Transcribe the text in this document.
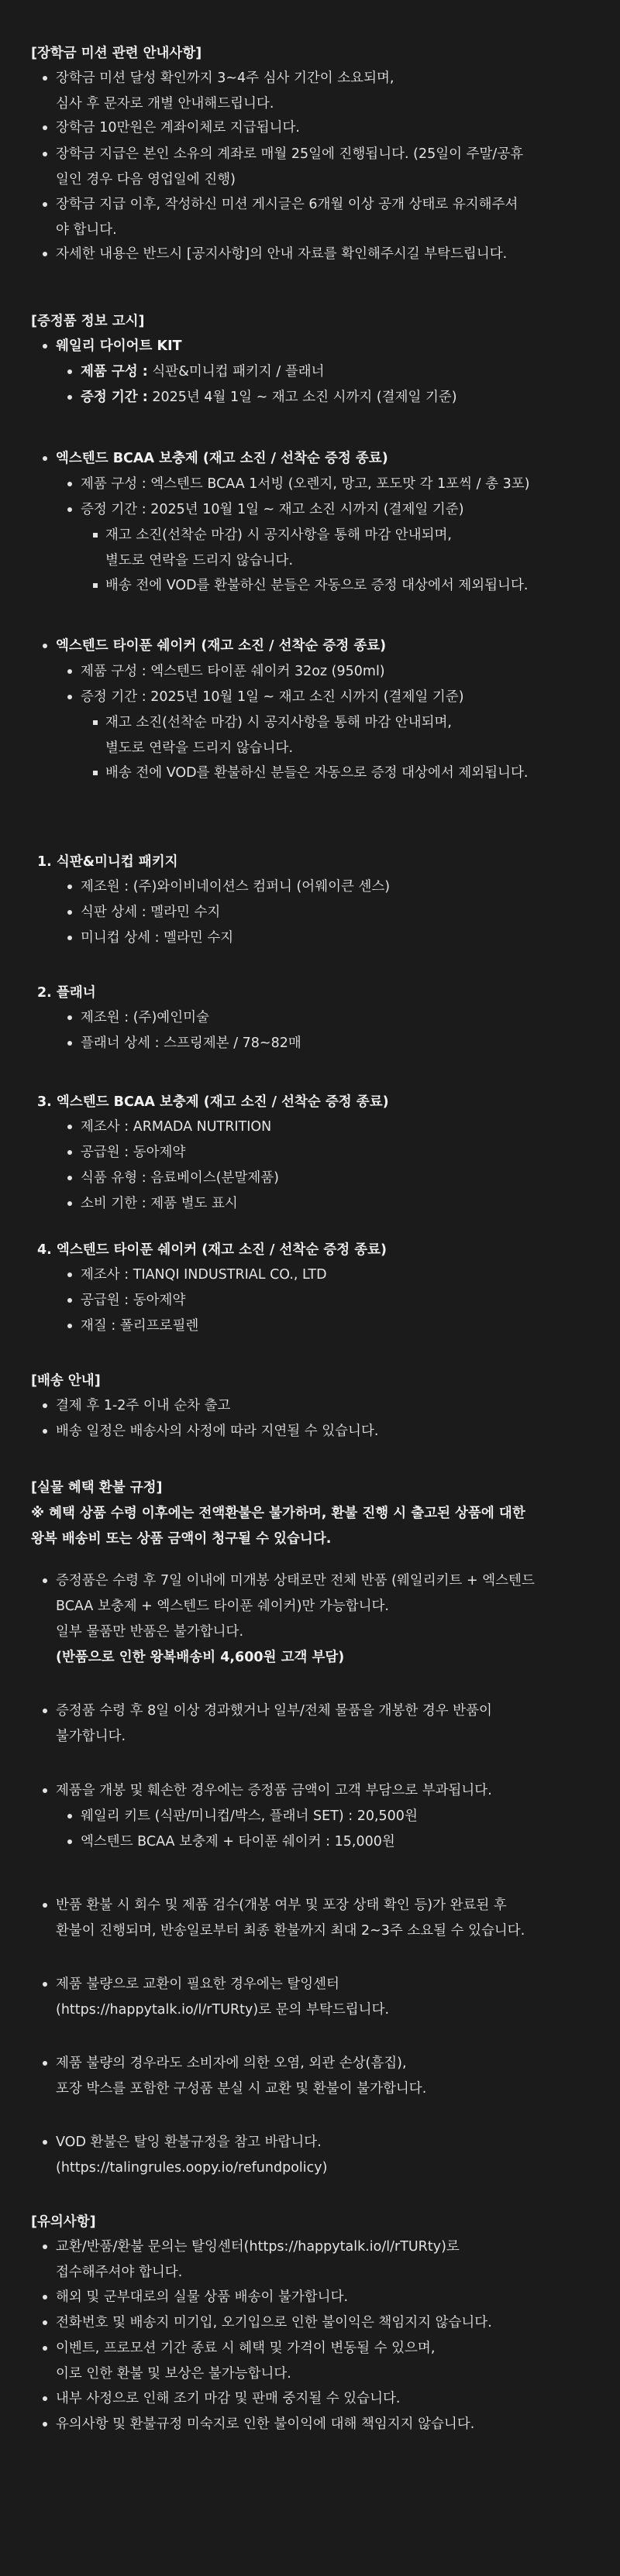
[장학금 미션 관련 안내사항]
장학금 미션 달성 확인까지 3~4주 심사 기간이 소요되며,
심사 후 문자로 개별 안내해드립니다.
장학금 10만원은 계좌이체로 지급됩니다.
장학금 지급은 본인 소유의 계좌로 매월 25일에 진행됩니다. (25일이 주말/공휴
일인 경우 다음 영업일에 진행)
장학금 지급 이후, 작성하신 미션 게시글은 6개월 이상 공개 상태로 유지해주셔
야 합니다.
자세한 내용은 반드시 [공지사항]의 안내 자료를 확인해주시길 부탁드립니다.
[증정품 정보 고시]
웨일리 다이어트 KIT
제품 구성 : 식판&미니컵 패키지 / 플래너
증정 기간 : 2025년 4월 1일 ~ 재고 소진 시까지 (결제일 기준)
엑스텐드 BCAA 보충제 (재고 소진 / 선착순 증정 종료)
제품 구성 : 엑스텐드 BCAA 1서빙 (오렌지, 망고, 포도맛 각 1포씩 / 총 3포)
증정 기간 : 2025년 10월 1일 ~ 재고 소진 시까지 (결제일 기준)
재고 소진(선착순 마감) 시 공지사항을 통해 마감 안내되며,
별도로 연락을 드리지 않습니다.
배송 전에 VOD를 환불하신 분들은 자동으로 증정 대상에서 제외됩니다.
엑스텐드 타이푼 쉐이커 (재고 소진 / 선착순 증정 종료)
제품 구성 : 엑스텐드 타이푼 쉐이커 32oz (950ml)
증정 기간 : 2025년 10월 1일 ~ 재고 소진 시까지 (결제일 기준)
재고 소진(선착순 마감) 시 공지사항을 통해 마감 안내되며,
별도로 연락을 드리지 않습니다.
배송 전에 VOD를 환불하신 분들은 자동으로 증정 대상에서 제외됩니다.
1. 식판&미니컵 패키지
제조원 : (주)와이비네이션스 컴퍼니 (어웨이큰 센스)
식판 상세 : 멜라민 수지
미니컵 상세 : 멜라민 수지
2. 플래너
제조원 : (주)예인미술
플래너 상세 : 스프링제본 / 78~82매
3. 엑스텐드 BCAA 보충제 (재고 소진 / 선착순 증정 종료)
제조사 : ARMADA NUTRITION
공급원 : 동아제약
식품 유형 : 음료베이스(분말제품)
소비 기한 : 제품 별도 표시
4. 엑스텐드 타이푼 쉐이커 (재고 소진 / 선착순 증정 종료)
제조사 : TIANQI INDUSTRIAL CO., LTD
공급원 : 동아제약
재질 : 폴리프로필렌
[배송 안내]
결제 후 1-2주 이내 순차 출고
배송 일정은 배송사의 사정에 따라 지연될 수 있습니다.
[실물 혜택 환불 규정]
※ 혜택 상품 수령 이후에는 전액환불은 불가하며, 환불 진행 시 출고된 상품에 대한
왕복 배송비 또는 상품 금액이 청구될 수 있습니다.
증정품은 수령 후 7일 이내에 미개봉 상태로만 전체 반품 (웨일리키트 + 엑스텐드
BCAA 보충제 + 엑스텐드 타이푼 쉐이커)만 가능합니다.
일부 물품만 반품은 불가합니다.
(반품으로 인한 왕복배송비 4,600원 고객 부담)
증정품 수령 후 8일 이상 경과했거나 일부/전체 물품을 개봉한 경우 반품이
불가합니다.
제품을 개봉 및 훼손한 경우에는 증정품 금액이 고객 부담으로 부과됩니다.
웨일리 키트 (식판/미니컵/박스, 플래너 SET) : 20,500원
엑스텐드 BCAA 보충제 + 타이푼 쉐이커 : 15,000원
반품 환불 시 회수 및 제품 검수(개봉 여부 및 포장 상태 확인 등)가 완료된 후
환불이 진행되며, 반송일로부터 최종 환불까지 최대 2~3주 소요될 수 있습니다.
제품 불량으로 교환이 필요한 경우에는 탈잉센터
(https://happytalk.io/l/rTURty)로 문의 부탁드립니다.
제품 불량의 경우라도 소비자에 의한 오염, 외관 손상(흠집),
포장 박스를 포함한 구성품 분실 시 교환 및 환불이 불가합니다.
VOD 환불은 탈잉 환불규정을 참고 바랍니다.
(https://talingrules.oopy.io/refundpolicy)
[유의사항]
교환/반품/환불 문의는 탈잉센터(https://happytalk.io/l/rTURty)로
접수해주셔야 합니다.
해외 및 군부대로의 실물 상품 배송이 불가합니다.
전화번호 및 배송지 미기입, 오기입으로 인한 불이익은 책임지지 않습니다.
이벤트, 프로모션 기간 종료 시 혜택 및 가격이 변동될 수 있으며,
이로 인한 환불 및 보상은 불가능합니다.
내부 사정으로 인해 조기 마감 및 판매 중지될 수 있습니다.
유의사항 및 환불규정 미숙지로 인한 불이익에 대해 책임지지 않습니다.
